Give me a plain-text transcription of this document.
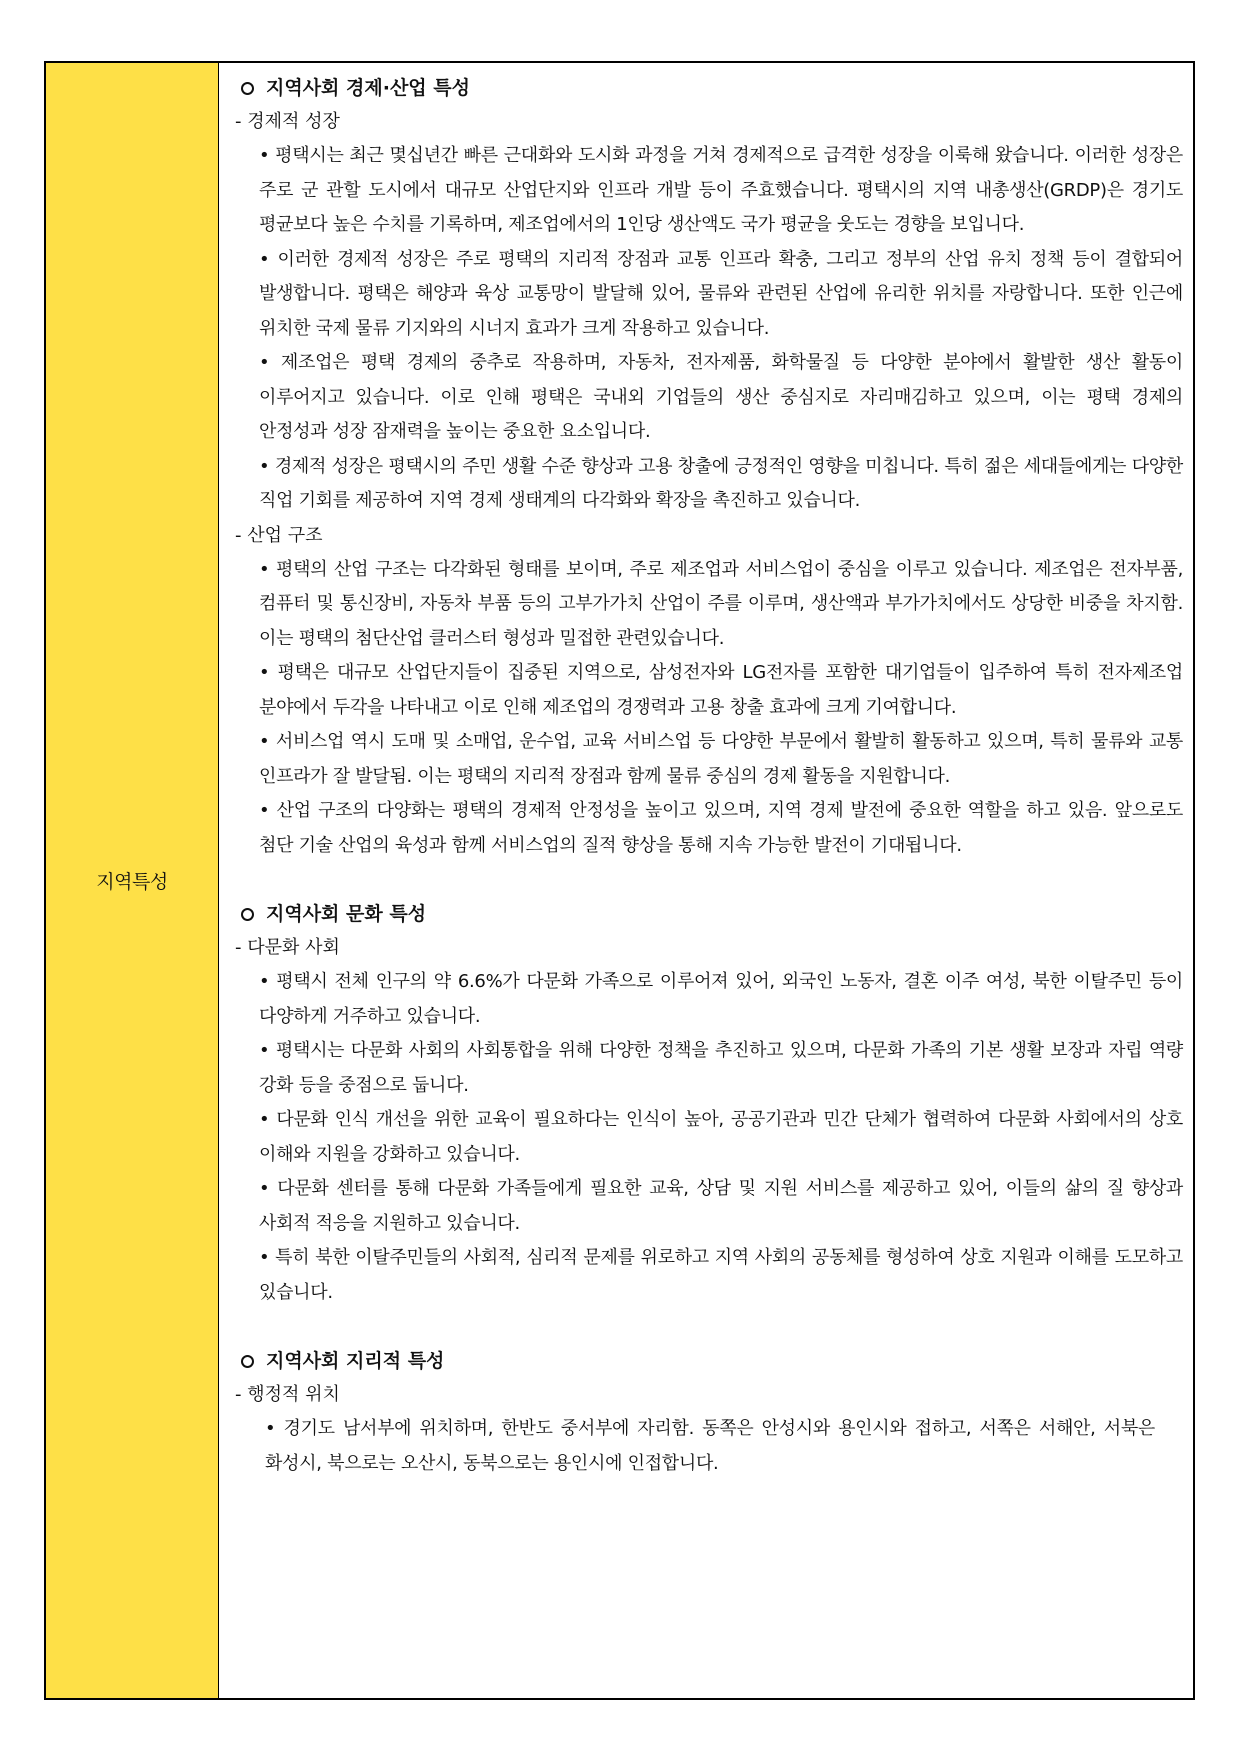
지역특성
지역사회 경제·산업 특성
- 경제적 성장
• 평택시는 최근 몇십년간 빠른 근대화와 도시화 과정을 거쳐 경제적으로 급격한 성장을 이룩해 왔습니다. 이러한 성장은 주로 군 관할 도시에서 대규모 산업단지와 인프라 개발 등이 주효했습니다. 평택시의 지역 내총생산(GRDP)은 경기도 평균보다 높은 수치를 기록하며, 제조업에서의 1인당 생산액도 국가 평균을 웃도는 경향을 보입니다.
• 이러한 경제적 성장은 주로 평택의 지리적 장점과 교통 인프라 확충, 그리고 정부의 산업 유치 정책 등이 결합되어 발생합니다. 평택은 해양과 육상 교통망이 발달해 있어, 물류와 관련된 산업에 유리한 위치를 자랑합니다. 또한 인근에 위치한 국제 물류 기지와의 시너지 효과가 크게 작용하고 있습니다.
• 제조업은 평택 경제의 중추로 작용하며, 자동차, 전자제품, 화학물질 등 다양한 분야에서 활발한 생산 활동이 이루어지고 있습니다. 이로 인해 평택은 국내외 기업들의 생산 중심지로 자리매김하고 있으며, 이는 평택 경제의 안정성과 성장 잠재력을 높이는 중요한 요소입니다.
• 경제적 성장은 평택시의 주민 생활 수준 향상과 고용 창출에 긍정적인 영향을 미칩니다. 특히 젊은 세대들에게는 다양한 직업 기회를 제공하여 지역 경제 생태계의 다각화와 확장을 촉진하고 있습니다.
- 산업 구조
• 평택의 산업 구조는 다각화된 형태를 보이며, 주로 제조업과 서비스업이 중심을 이루고 있습니다. 제조업은 전자부품, 컴퓨터 및 통신장비, 자동차 부품 등의 고부가가치 산업이 주를 이루며, 생산액과 부가가치에서도 상당한 비중을 차지함. 이는 평택의 첨단산업 클러스터 형성과 밀접한 관련있습니다.
• 평택은 대규모 산업단지들이 집중된 지역으로, 삼성전자와 LG전자를 포함한 대기업들이 입주하여 특히 전자제조업 분야에서 두각을 나타내고 이로 인해 제조업의 경쟁력과 고용 창출 효과에 크게 기여합니다.
• 서비스업 역시 도매 및 소매업, 운수업, 교육 서비스업 등 다양한 부문에서 활발히 활동하고 있으며, 특히 물류와 교통 인프라가 잘 발달됨. 이는 평택의 지리적 장점과 함께 물류 중심의 경제 활동을 지원합니다.
• 산업 구조의 다양화는 평택의 경제적 안정성을 높이고 있으며, 지역 경제 발전에 중요한 역할을 하고 있음. 앞으로도 첨단 기술 산업의 육성과 함께 서비스업의 질적 향상을 통해 지속 가능한 발전이 기대됩니다.
지역사회 문화 특성
- 다문화 사회
• 평택시 전체 인구의 약 6.6%가 다문화 가족으로 이루어져 있어, 외국인 노동자, 결혼 이주 여성, 북한 이탈주민 등이 다양하게 거주하고 있습니다.
• 평택시는 다문화 사회의 사회통합을 위해 다양한 정책을 추진하고 있으며, 다문화 가족의 기본 생활 보장과 자립 역량 강화 등을 중점으로 둡니다.
• 다문화 인식 개선을 위한 교육이 필요하다는 인식이 높아, 공공기관과 민간 단체가 협력하여 다문화 사회에서의 상호 이해와 지원을 강화하고 있습니다.
• 다문화 센터를 통해 다문화 가족들에게 필요한 교육, 상담 및 지원 서비스를 제공하고 있어, 이들의 삶의 질 향상과 사회적 적응을 지원하고 있습니다.
• 특히 북한 이탈주민들의 사회적, 심리적 문제를 위로하고 지역 사회의 공동체를 형성하여 상호 지원과 이해를 도모하고 있습니다.
지역사회 지리적 특성
- 행정적 위치
• 경기도 남서부에 위치하며, 한반도 중서부에 자리함. 동쪽은 안성시와 용인시와 접하고, 서쪽은 서해안, 서북은 화성시, 북으로는 오산시, 동북으로는 용인시에 인접합니다.
